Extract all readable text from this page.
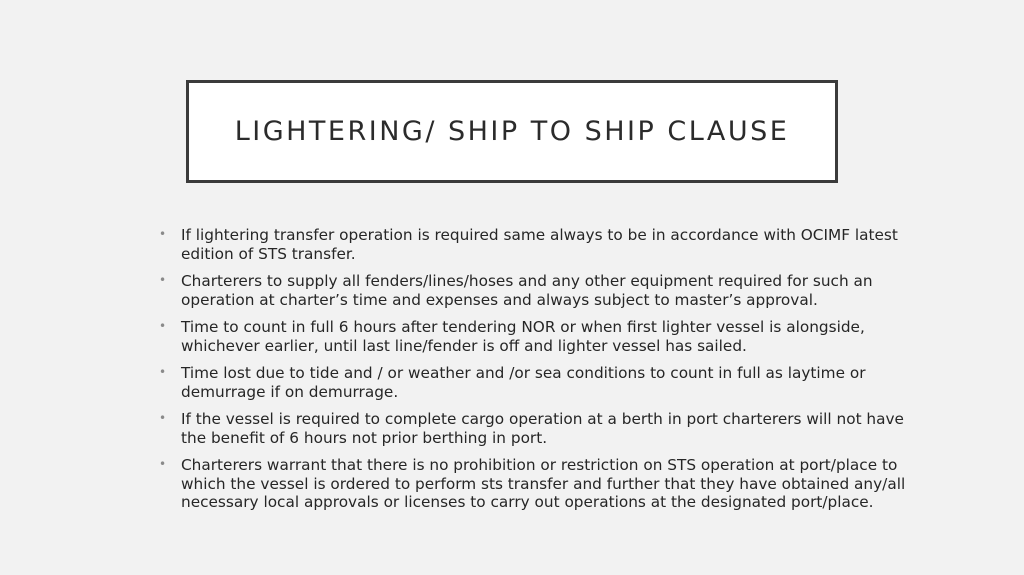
LIGHTERING/ SHIP TO SHIP CLAUSE
• If lightering transfer operation is required same always to be in accordance with OCIMF latest edition of STS transfer.
• Charterers to supply all fenders/lines/hoses and any other equipment required for such an operation at charter’s time and expenses and always subject to master’s approval.
• Time to count in full 6 hours after tendering NOR or when first lighter vessel is alongside, whichever earlier, until last line/fender is off and lighter vessel has sailed.
• Time lost due to tide and / or weather and /or sea conditions to count in full as laytime or demurrage if on demurrage.
• If the vessel is required to complete cargo operation at a berth in port charterers will not have the benefit of 6 hours not prior berthing in port.
• Charterers warrant that there is no prohibition or restriction on STS operation at port/place to which the vessel is ordered to perform sts transfer and further that they have obtained any/all necessary local approvals or licenses to carry out operations at the designated port/place.
